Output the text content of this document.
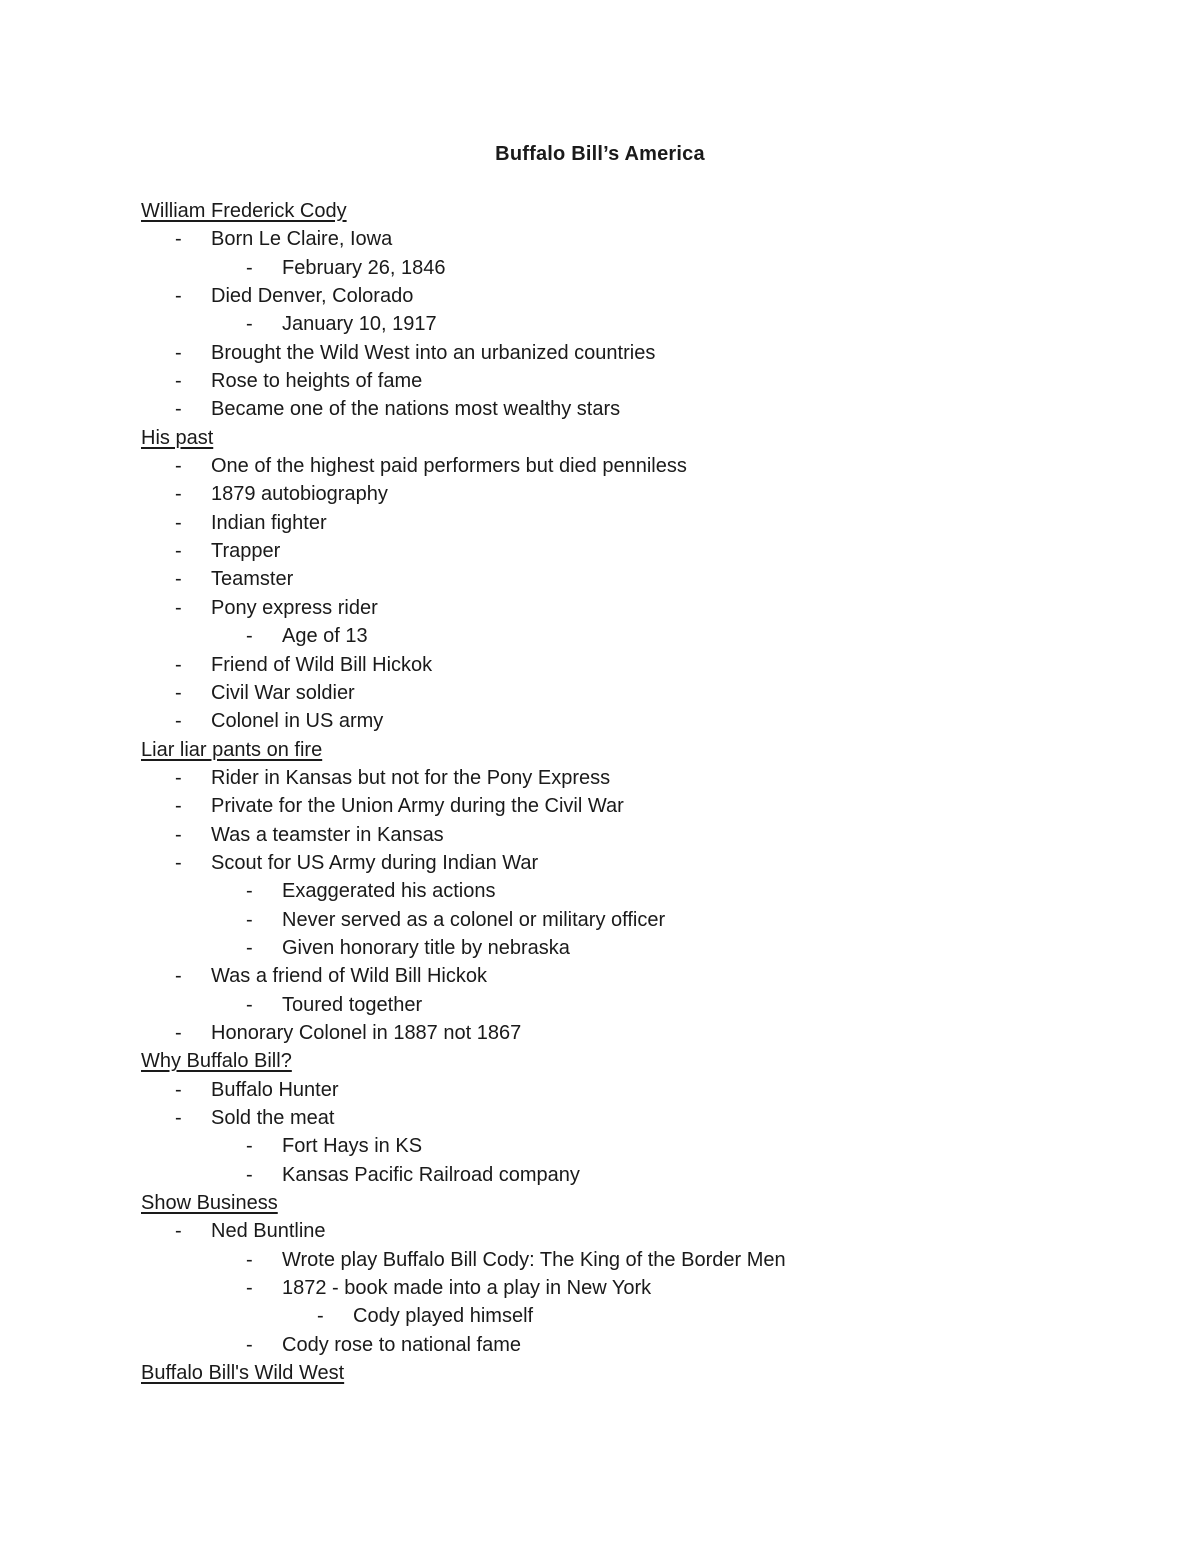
Buffalo Bill’s America
William Frederick Cody
- Born Le Claire, Iowa
- February 26, 1846
- Died Denver, Colorado
- January 10, 1917
- Brought the Wild West into an urbanized countries
- Rose to heights of fame
- Became one of the nations most wealthy stars
His past
- One of the highest paid performers but died penniless
- 1879 autobiography
- Indian fighter
- Trapper
- Teamster
- Pony express rider
- Age of 13
- Friend of Wild Bill Hickok
- Civil War soldier
- Colonel in US army
Liar liar pants on fire
- Rider in Kansas but not for the Pony Express
- Private for the Union Army during the Civil War
- Was a teamster in Kansas
- Scout for US Army during Indian War
- Exaggerated his actions
- Never served as a colonel or military officer
- Given honorary title by nebraska
- Was a friend of Wild Bill Hickok
- Toured together
- Honorary Colonel in 1887 not 1867
Why Buffalo Bill?
- Buffalo Hunter
- Sold the meat
- Fort Hays in KS
- Kansas Pacific Railroad company
Show Business
- Ned Buntline
- Wrote play Buffalo Bill Cody: The King of the Border Men
- 1872 - book made into a play in New York
- Cody played himself
- Cody rose to national fame
Buffalo Bill's Wild West
